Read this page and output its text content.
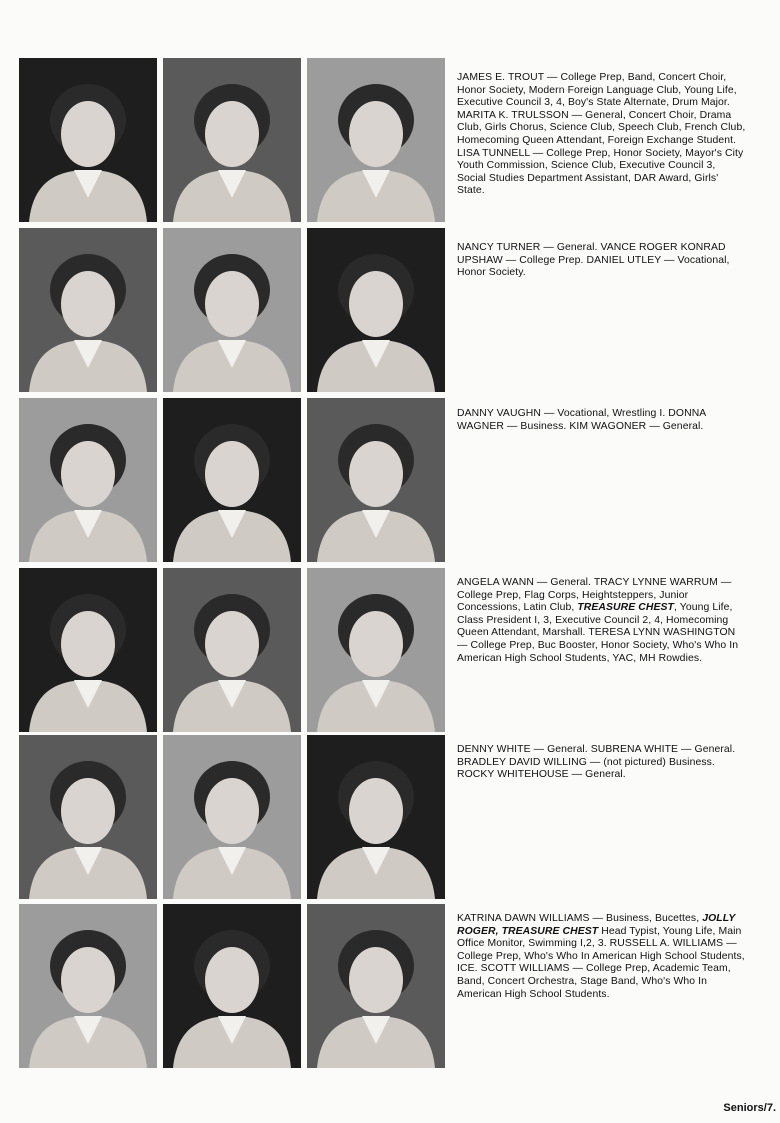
JAMES E. TROUT — College Prep, Band, Concert Choir, Honor Society, Modern Foreign Language Club, Young Life, Executive Council 3, 4, Boy's State Alternate, Drum Major. MARITA K. TRULSSON — General, Concert Choir, Drama Club, Girls Chorus, Science Club, Speech Club, French Club, Homecoming Queen Attendant, Foreign Exchange Student. LISA TUNNELL — College Prep, Honor Society, Mayor's City Youth Commission, Science Club, Executive Council 3, Social Studies Department Assistant, DAR Award, Girls' State.
NANCY TURNER — General. VANCE ROGER KONRAD UPSHAW — College Prep. DANIEL UTLEY — Vocational, Honor Society.
DANNY VAUGHN — Vocational, Wrestling I. DONNA WAGNER — Business. KIM WAGONER — General.
ANGELA WANN — General. TRACY LYNNE WARRUM — College Prep, Flag Corps, Heightsteppers, Junior Concessions, Latin Club, TREASURE CHEST, Young Life, Class President I, 3, Executive Council 2, 4, Homecoming Queen Attendant, Marshall. TERESA LYNN WASHINGTON — College Prep, Buc Booster, Honor Society, Who's Who In American High School Students, YAC, MH Rowdies.
DENNY WHITE — General. SUBRENA WHITE — General. BRADLEY DAVID WILLING — (not pictured) Business. ROCKY WHITEHOUSE — General.
KATRINA DAWN WILLIAMS — Business, Bucettes, JOLLY ROGER, TREASURE CHEST Head Typist, Young Life, Main Office Monitor, Swimming I,2, 3. RUSSELL A. WILLIAMS — College Prep, Who's Who In American High School Students, ICE. SCOTT WILLIAMS — College Prep, Academic Team, Band, Concert Orchestra, Stage Band, Who's Who In American High School Students.
Seniors/7.
